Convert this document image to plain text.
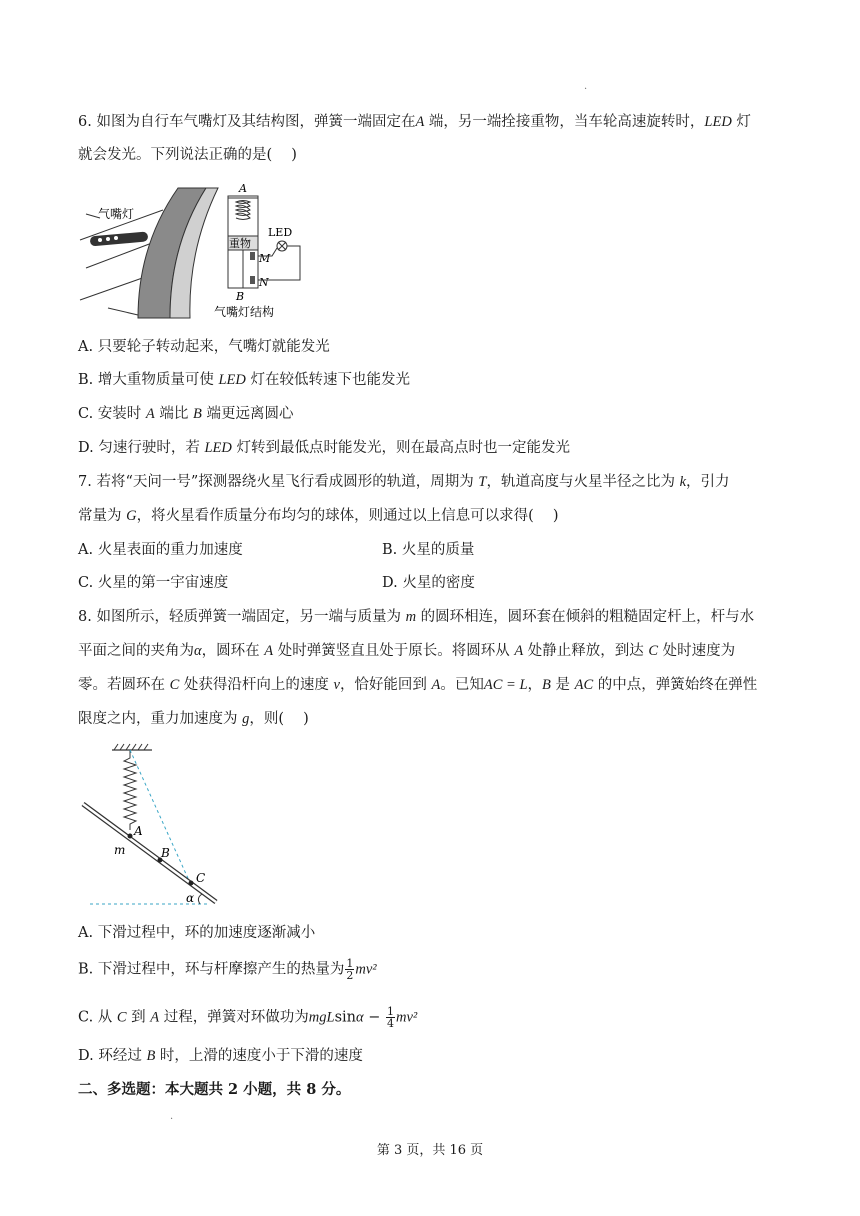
·
6. 如图为自行车气嘴灯及其结构图，弹簧一端固定在A 端，另一端拴接重物，当车轮高速旋转时，LED 灯
就会发光。下列说法正确的是(　 )
气嘴灯
A
重物
M
N
B
LED
气嘴灯结构
A. 只要轮子转动起来，气嘴灯就能发光
B. 增大重物质量可使 LED 灯在较低转速下也能发光
C. 安装时 A 端比 B 端更远离圆心
D. 匀速行驶时，若 LED 灯转到最低点时能发光，则在最高点时也一定能发光
7. 若将“天问一号”探测器绕火星飞行看成圆形的轨道，周期为 T，轨道高度与火星半径之比为 k，引力
常量为 G，将火星看作质量分布均匀的球体，则通过以上信息可以求得(　 )
A. 火星表面的重力加速度	B. 火星的质量
C. 火星的第一宇宙速度	D. 火星的密度
8. 如图所示，轻质弹簧一端固定，另一端与质量为 m 的圆环相连，圆环套在倾斜的粗糙固定杆上，杆与水
平面之间的夹角为α，圆环在 A 处时弹簧竖直且处于原长。将圆环从 A 处静止释放，到达 C 处时速度为
零。若圆环在 C 处获得沿杆向上的速度 v，恰好能回到 A。已知AC = L，B 是 AC 的中点，弹簧始终在弹性
限度之内，重力加速度为 g，则(　 )
A
m	B
C
α
A. 下滑过程中，环的加速度逐渐减小
B. 下滑过程中，环与杆摩擦产生的热量为 $\frac{1}{2} mv^2$
C. 从 C 到 A 过程，弹簧对环做功为$mgLsin\alpha - \frac{1}{4} mv^2$
D. 环经过 B 时，上滑的速度小于下滑的速度
二、多选题：本大题共 2 小题，共 8 分。
·
第 3 页，共 16 页
